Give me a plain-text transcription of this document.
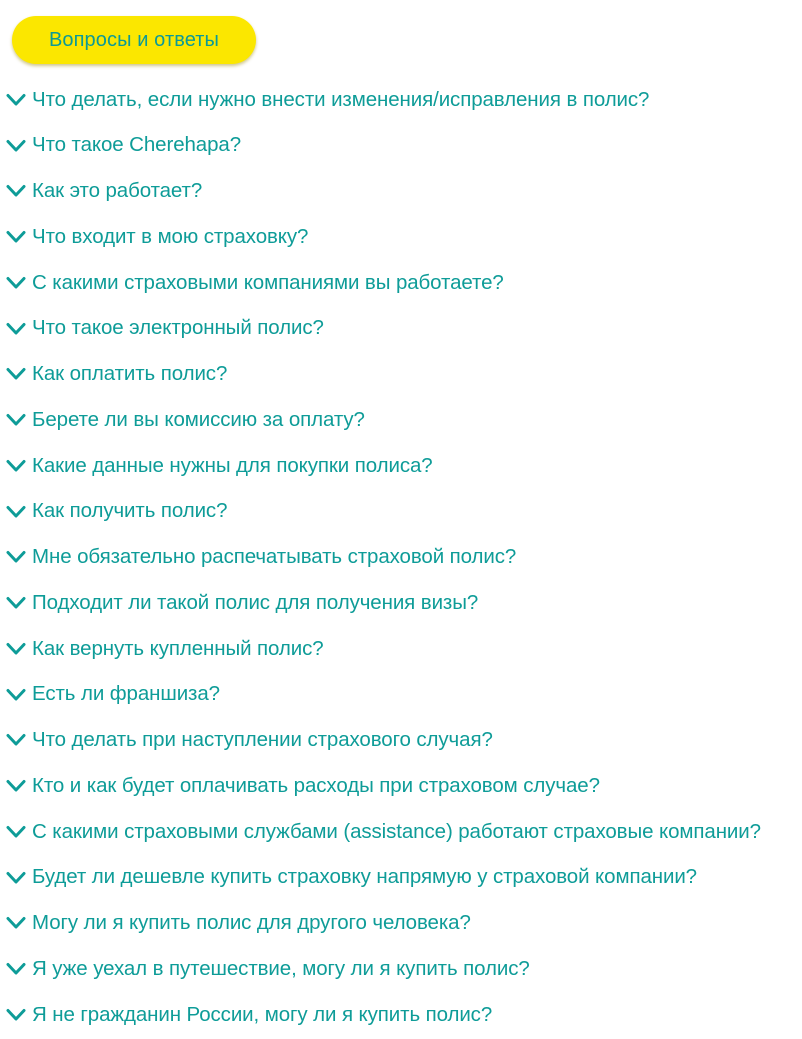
Вопросы и ответы
Что делать, если нужно внести изменения/исправления в полис?
Что такое Cherehapa?
Как это работает?
Что входит в мою страховку?
С какими страховыми компаниями вы работаете?
Что такое электронный полис?
Как оплатить полис?
Берете ли вы комиссию за оплату?
Какие данные нужны для покупки полиса?
Как получить полис?
Мне обязательно распечатывать страховой полис?
Подходит ли такой полис для получения визы?
Как вернуть купленный полис?
Есть ли франшиза?
Что делать при наступлении страхового случая?
Кто и как будет оплачивать расходы при страховом случае?
С какими страховыми службами (assistance) работают страховые компании?
Будет ли дешевле купить страховку напрямую у страховой компании?
Могу ли я купить полис для другого человека?
Я уже уехал в путешествие, могу ли я купить полис?
Я не гражданин России, могу ли я купить полис?
